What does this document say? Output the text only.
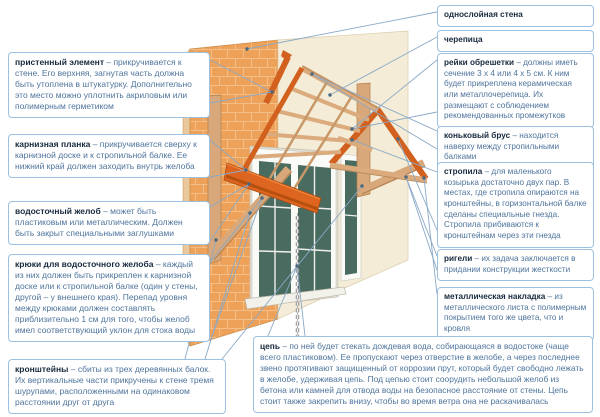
пристенный элемент – прикручивается к стене. Его верхняя, загнутая часть должна быть утоплена в штукатурку. Дополнительно это место можно уплотнить акриловым или полимерным герметиком
карнизная планка – прикручивается сверху к карнизной доске и к стропильной балке. Ее нижний край должен заходить внутрь желоба
водосточный желоб – может быть пластиковым или металлическим. Должен быть закрыт специальными заглушками
крюки для водосточного желоба – каждый из них должен быть прикреплен к карнизной доске или к стропильной балке (один у стены, другой – у внешнего края). Перепад уровня между крюками должен составлять приблизительно 1 см для того, чтобы желоб имел соответствующий уклон для стока воды
кронштейны – сбиты из трех деревянных балок. Их вертикальные части прикручены к стене тремя шурупами, расположенными на одинаковом расстоянии друг от друга
однослойная стена
черепица
рейки обрешетки – должны иметь сечение 3 х 4 или 4 х 5 см. К ним будет прикреплена керамическая или металлочерепица. Их размещают с соблюдением рекомендованных промежутков
коньковый брус – находится наверху между стропильными балками
стропила – для маленького козырька достаточно двух пар. В местах, где стропила опираются на кронштейны, в горизонтальной балке сделаны специальные гнезда. Стропила прибиваются к кронштейнам через эти гнезда
ригели – их задача заключается в придании конструкции жесткости
металлическая накладка – из металлического листа с полимерным покрытием того же цвета, что и кровля
цепь – по ней будет стекать дождевая вода, собирающаяся в водостоке (чаще всего пластиковом). Ее пропускают через отверстие в желобе, а через последнее звено протягивают защищенный от коррозии прут, который будет свободно лежать в желобе, удерживая цепь. Под цепью стоит соорудить небольшой желоб из бетона или камней для отвода воды на безопасное расстояние от стены. Цепь стоит также закрепить внизу, чтобы во время ветра она не раскачивалась
